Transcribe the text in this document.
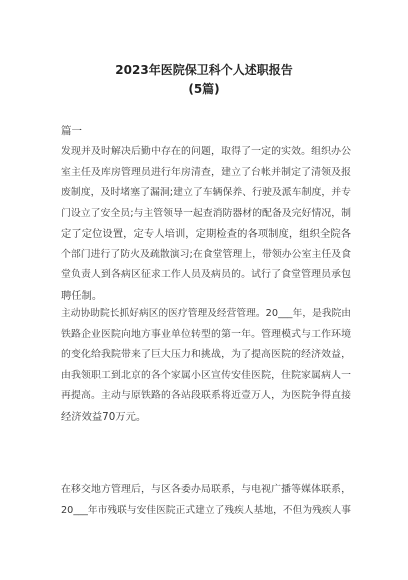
2023年医院保卫科个人述职报告
(5篇)
篇一
发现并及时解决后勤中存在的问题，取得了一定的实效。组织办公
室主任及库房管理员进行年房清查，建立了台帐并制定了清领及报
废制度，及时堵塞了漏洞;建立了车辆保养、行驶及派车制度，并专
门设立了安全员;与主管领导一起查消防器材的配备及完好情况，制
定了定位设置，定专人培训，定期检查的各项制度，组织全院各
个部门进行了防火及疏散演习;在食堂管理上，带领办公室主任及食
堂负责人到各病区征求工作人员及病员的。试行了食堂管理员承包
聘任制。
主动协助院长抓好病区的医疗管理及经营管理。20___年，是我院由
铁路企业医院向地方事业单位转型的第一年。管理模式与工作环境
的变化给我院带来了巨大压力和挑战，为了提高医院的经济效益，
由我领职工到北京的各个家属小区宣传安佳医院，住院家属病人一
再提高。主动与原铁路的各站段联系将近壹万人，为医院争得直接
经济效益70万元。
在移交地方管理后，与区各委办局联系，与电视广播等媒体联系，
20___年市残联与安佳医院正式建立了残疾人基地，不但为残疾人事
